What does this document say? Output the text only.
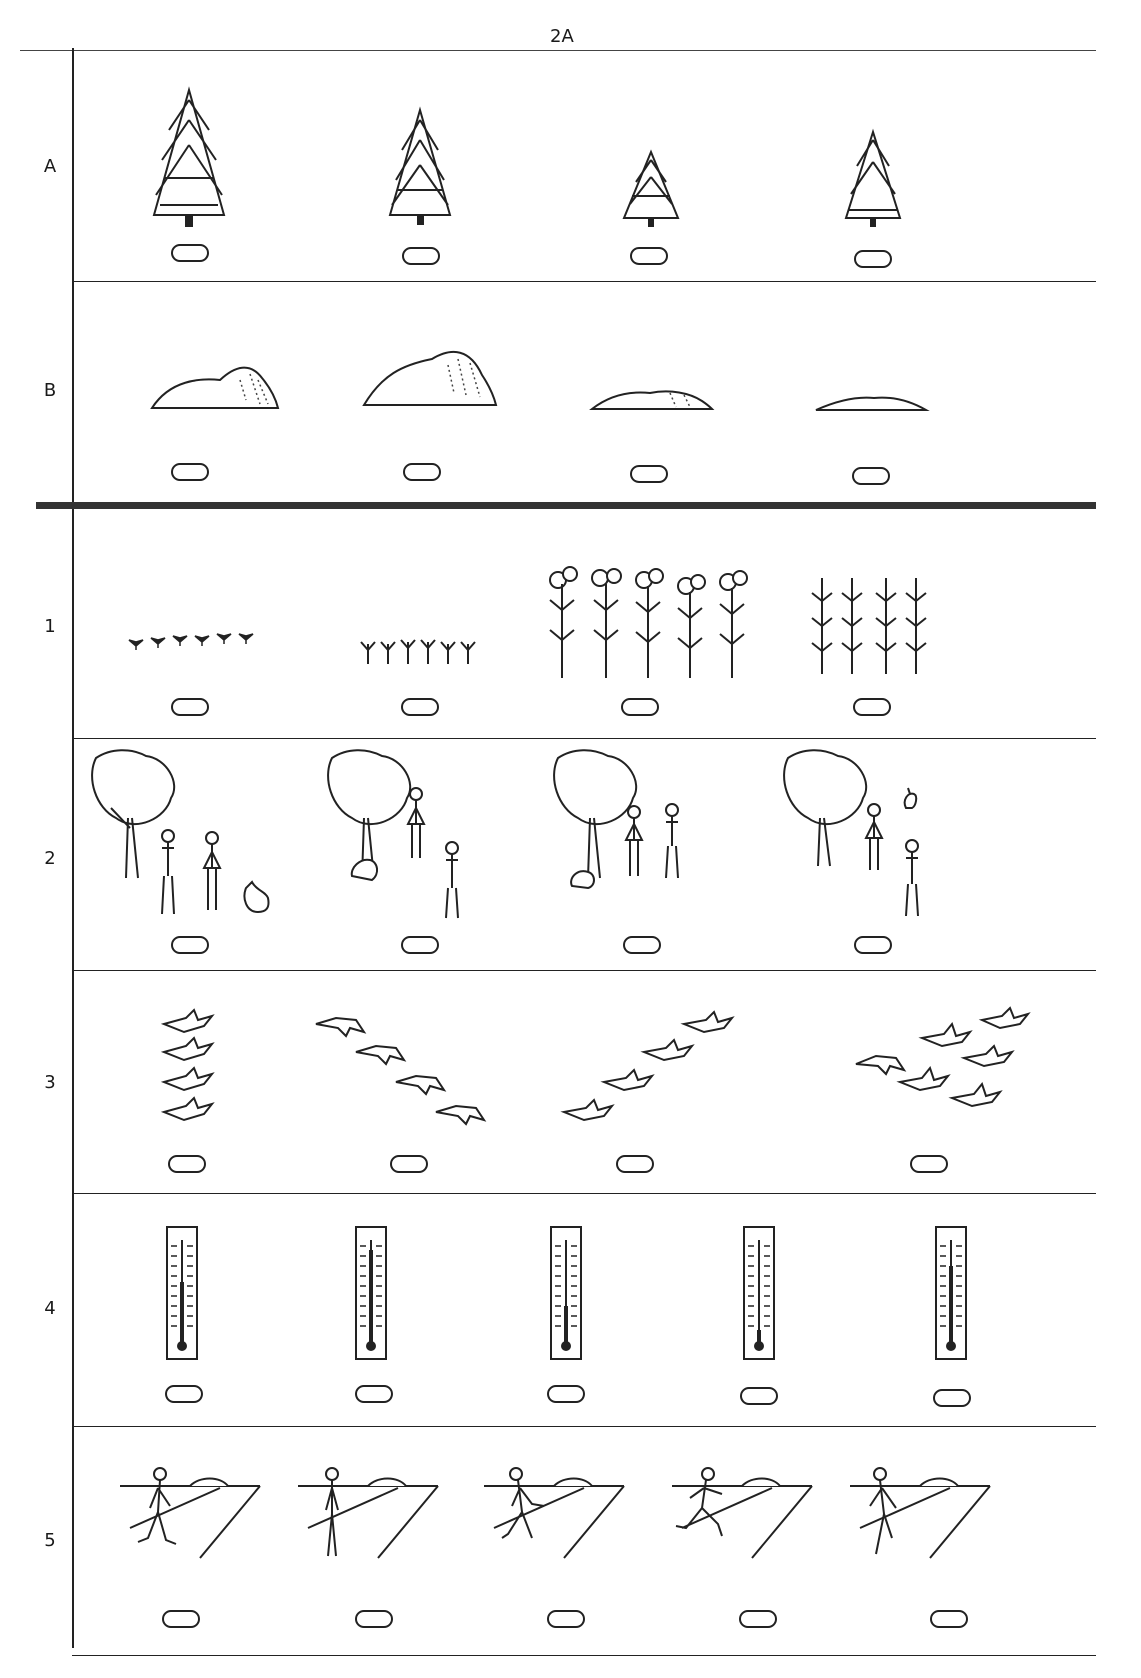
2A
A
B
1
2
3
4
5
